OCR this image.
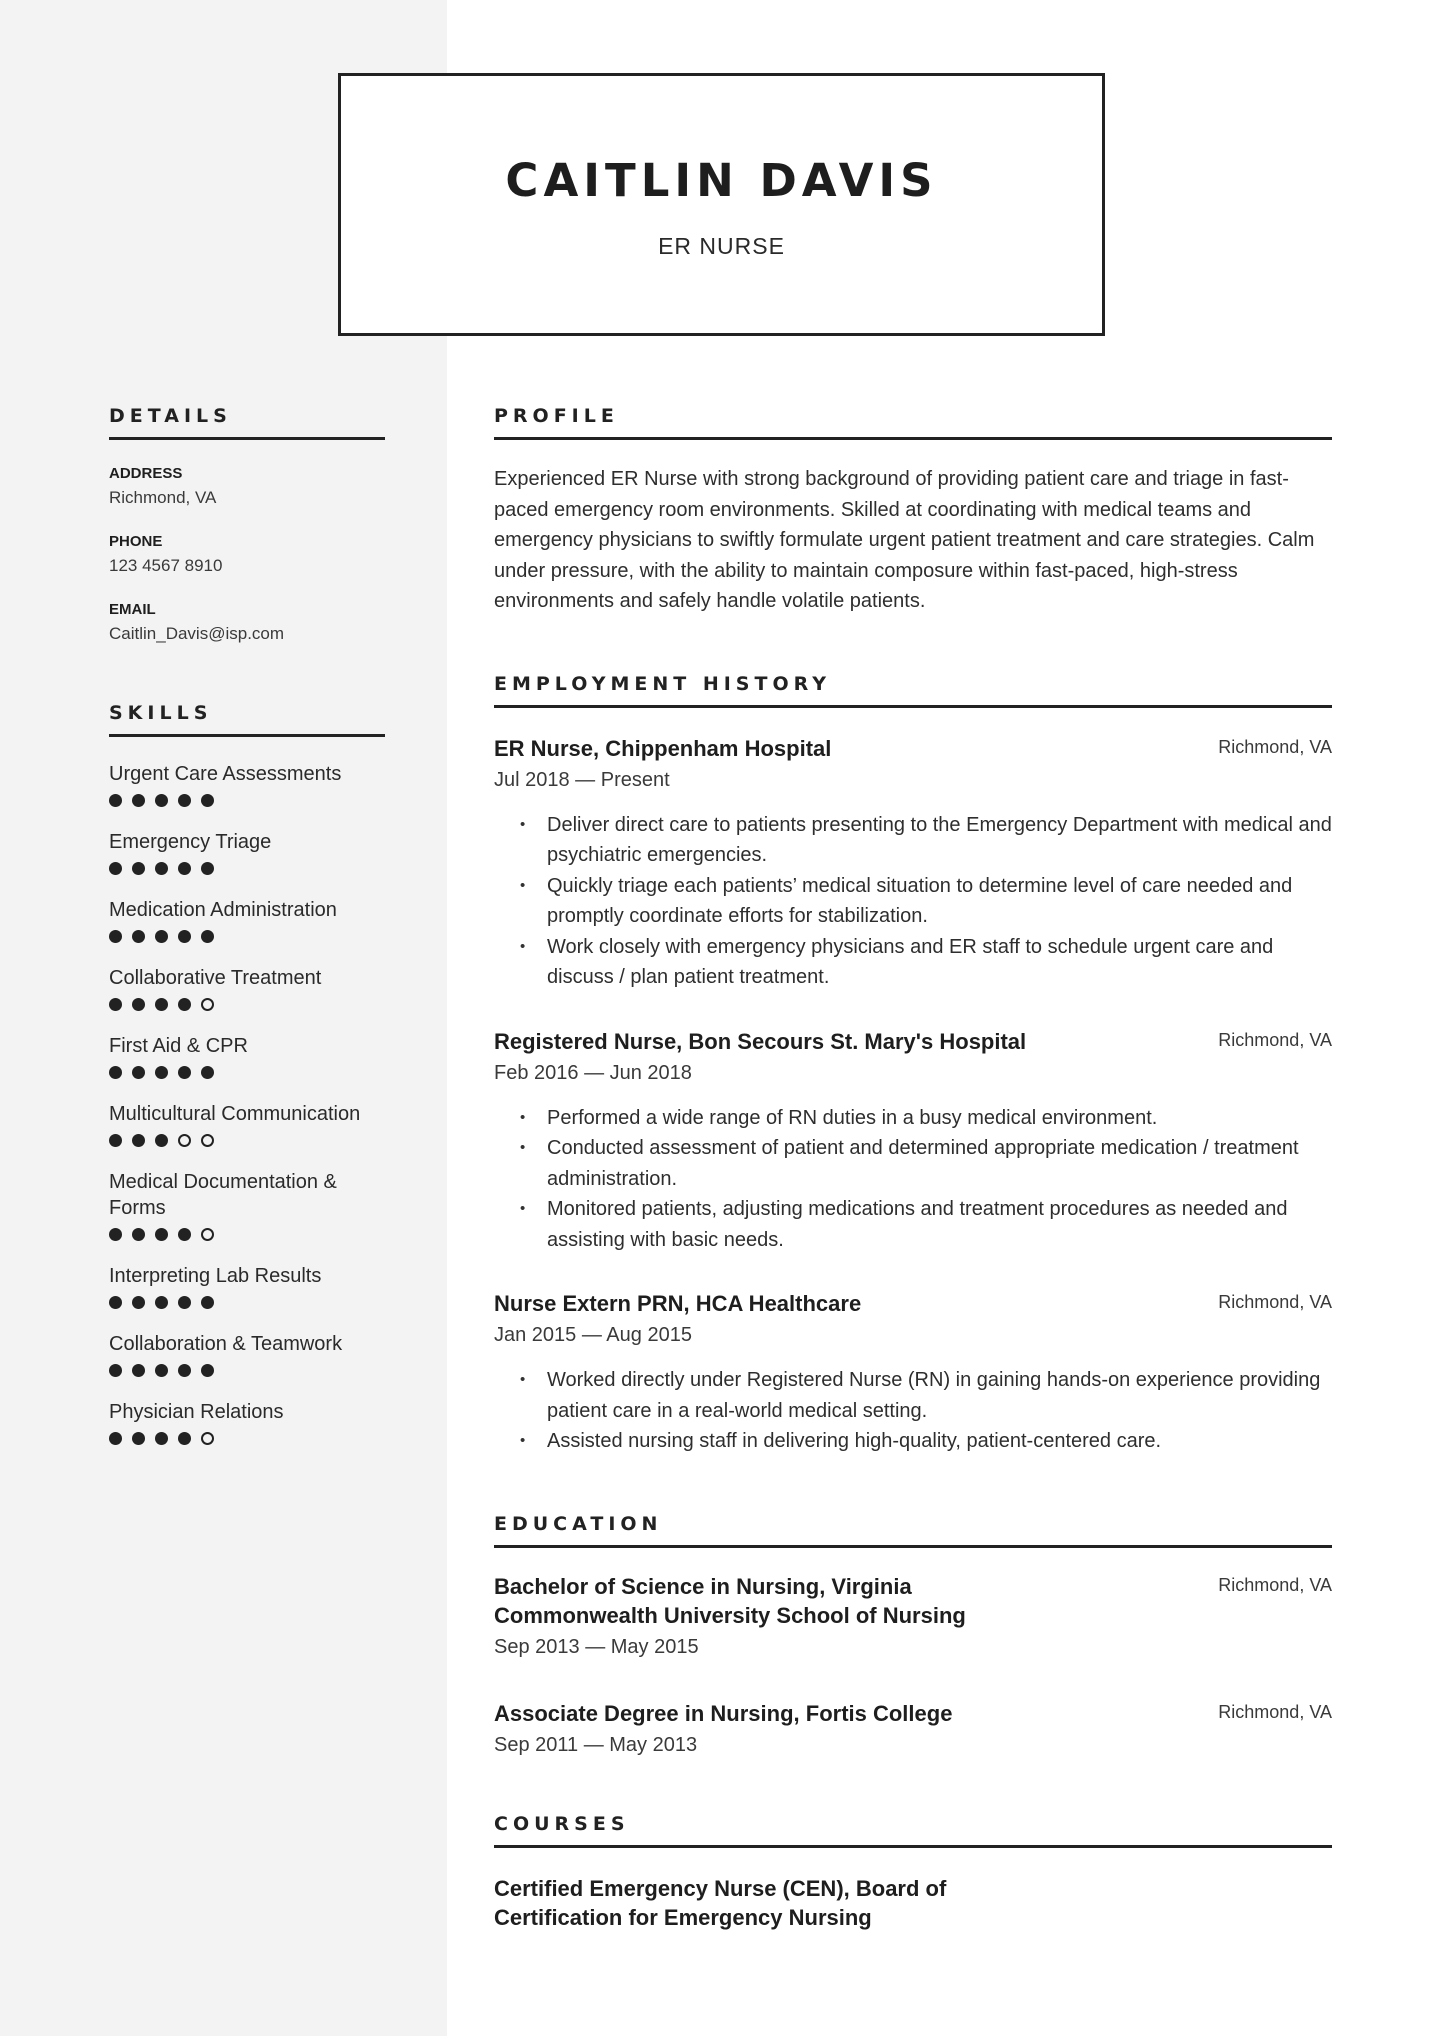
CAITLIN DAVIS
ER NURSE
DETAILS
ADDRESS
Richmond, VA
PHONE
123 4567 8910
EMAIL
Caitlin_Davis@isp.com
SKILLS
Urgent Care Assessments
Emergency Triage
Medication Administration
Collaborative Treatment
First Aid & CPR
Multicultural Communication
Medical Documentation & Forms
Interpreting Lab Results
Collaboration & Teamwork
Physician Relations
PROFILE
Experienced ER Nurse with strong background of providing patient care and triage in fast-paced emergency room environments. Skilled at coordinating with medical teams and emergency physicians to swiftly formulate urgent patient treatment and care strategies. Calm under pressure, with the ability to maintain composure within fast-paced, high-stress environments and safely handle volatile patients.
EMPLOYMENT HISTORY
ER Nurse, Chippenham Hospital	Richmond, VA
Jul 2018 — Present
• Deliver direct care to patients presenting to the Emergency Department with medical and psychiatric emergencies.
• Quickly triage each patients’ medical situation to determine level of care needed and promptly coordinate efforts for stabilization.
• Work closely with emergency physicians and ER staff to schedule urgent care and discuss / plan patient treatment.
Registered Nurse, Bon Secours St. Mary's Hospital	Richmond, VA
Feb 2016 — Jun 2018
• Performed a wide range of RN duties in a busy medical environment.
• Conducted assessment of patient and determined appropriate medication / treatment administration.
• Monitored patients, adjusting medications and treatment procedures as needed and assisting with basic needs.
Nurse Extern PRN, HCA Healthcare	Richmond, VA
Jan 2015 — Aug 2015
• Worked directly under Registered Nurse (RN) in gaining hands-on experience providing patient care in a real-world medical setting.
• Assisted nursing staff in delivering high-quality, patient-centered care.
EDUCATION
Bachelor of Science in Nursing, Virginia Commonwealth University School of Nursing
Richmond, VA
Sep 2013 — May 2015
Associate Degree in Nursing, Fortis College	Richmond, VA
Sep 2011 — May 2013
COURSES
Certified Emergency Nurse (CEN), Board of Certification for Emergency Nursing
